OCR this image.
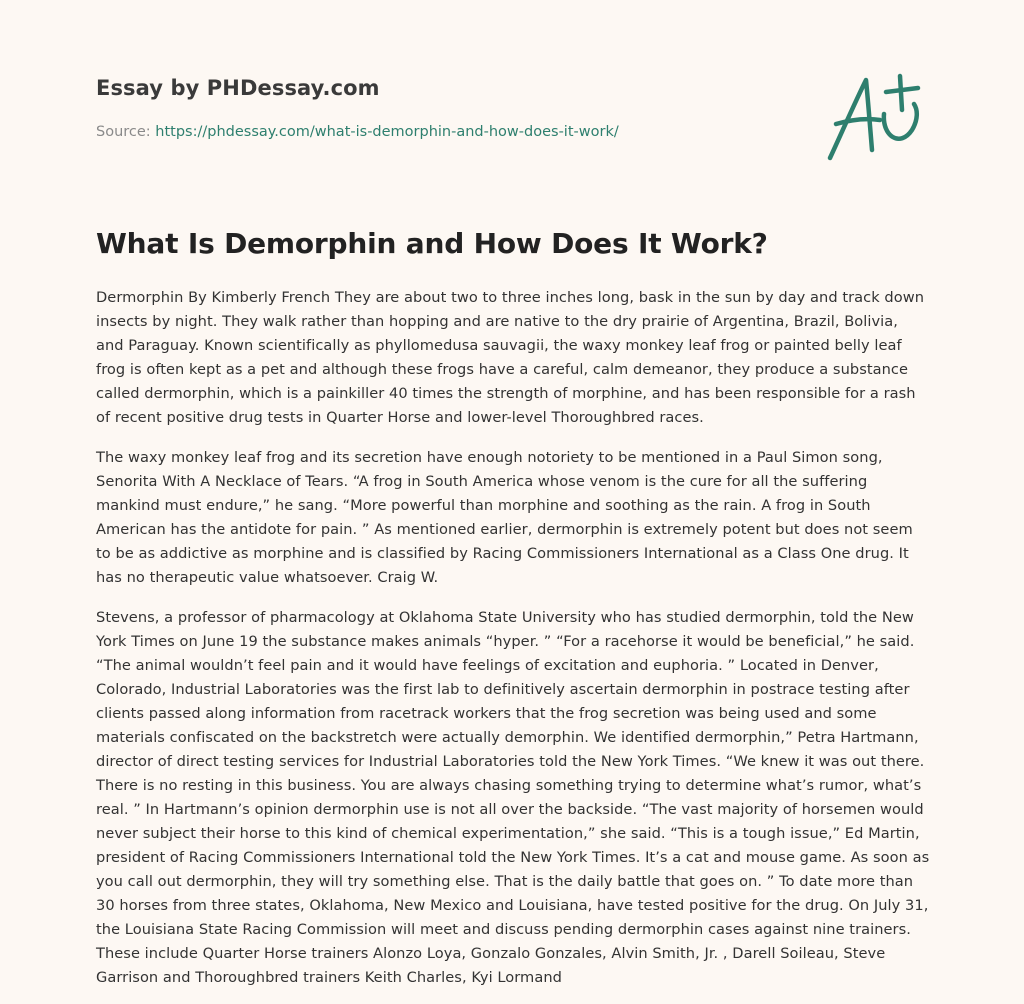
Essay by PHDessay.com
Source: https://phdessay.com/what-is-demorphin-and-how-does-it-work/
What Is Demorphin and How Does It Work?

Dermorphin By Kimberly French They are about two to three inches long, bask in the sun by day and track down insects by night. They walk rather than hopping and are native to the dry prairie of Argentina, Brazil, Bolivia, and Paraguay. Known scientifically as phyllomedusa sauvagii, the waxy monkey leaf frog or painted belly leaf frog is often kept as a pet and although these frogs have a careful, calm demeanor, they produce a substance called dermorphin, which is a painkiller 40 times the strength of morphine, and has been responsible for a rash of recent positive drug tests in Quarter Horse and lower-level Thoroughbred races.

The waxy monkey leaf frog and its secretion have enough notoriety to be mentioned in a Paul Simon song, Senorita With A Necklace of Tears. “A frog in South America whose venom is the cure for all the suffering mankind must endure,” he sang. “More powerful than morphine and soothing as the rain. A frog in South American has the antidote for pain. ” As mentioned earlier, dermorphin is extremely potent but does not seem to be as addictive as morphine and is classified by Racing Commissioners International as a Class One drug. It has no therapeutic value whatsoever. Craig W.

Stevens, a professor of pharmacology at Oklahoma State University who has studied dermorphin, told the New York Times on June 19 the substance makes animals “hyper. ” “For a racehorse it would be beneficial,” he said. “The animal wouldn’t feel pain and it would have feelings of excitation and euphoria. ” Located in Denver, Colorado, Industrial Laboratories was the first lab to definitively ascertain dermorphin in postrace testing after clients passed along information from racetrack workers that the frog secretion was being used and some materials confiscated on the backstretch were actually demorphin. We identified dermorphin,” Petra Hartmann, director of direct testing services for Industrial Laboratories told the New York Times. “We knew it was out there. There is no resting in this business. You are always chasing something trying to determine what’s rumor, what’s real. ” In Hartmann’s opinion dermorphin use is not all over the backside. “The vast majority of horsemen would never subject their horse to this kind of chemical experimentation,” she said. “This is a tough issue,” Ed Martin, president of Racing Commissioners International told the New York Times. It’s a cat and mouse game. As soon as you call out dermorphin, they will try something else. That is the daily battle that goes on. ” To date more than 30 horses from three states, Oklahoma, New Mexico and Louisiana, have tested positive for the drug. On July 31, the Louisiana State Racing Commission will meet and discuss pending dermorphin cases against nine trainers. These include Quarter Horse trainers Alonzo Loya, Gonzalo Gonzales, Alvin Smith, Jr. , Darell Soileau, Steve Garrison and Thoroughbred trainers Keith Charles, Kyi Lormand
